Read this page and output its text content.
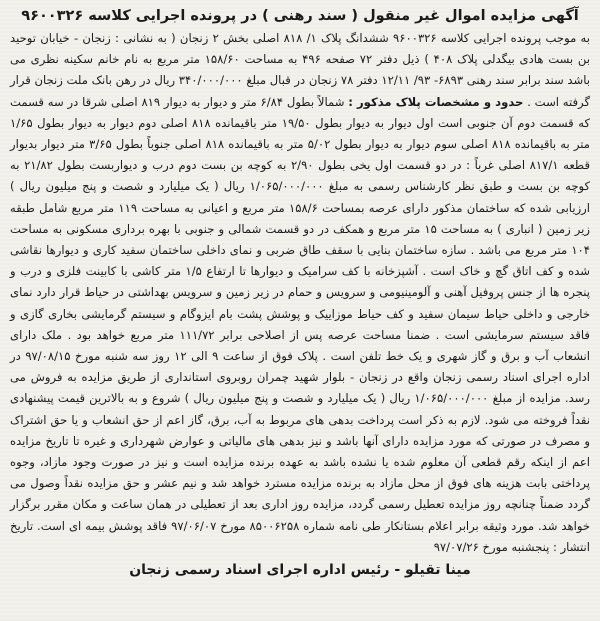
آگهی مزایده اموال غیر منقول ( سند رهنی ) در پرونده اجرایی کلاسه ۹۶۰۰۳۲۶

به موجب پرونده اجرایی کلاسه ۹۶۰۰۳۲۶ ششدانگ پلاک ۱/ ۸۱۸ اصلی بخش ۲ زنجان ( به نشانی : زنجان - خیابان توحید بن بست هادی بیگدلی پلاک ۴۰۸ ) ذیل دفتر ۷۲ صفحه ۴۹۶ به مساحت ۱۵۸/۶۰ متر مربع به نام خانم سکینه نظری می باشد سند برابر سند رهنی ۶۸۹۳- ۹۳/ ۱۲/۱۱ دفتر ۷۸ زنجان در قبال مبلغ ۳۴۰/۰۰۰/۰۰۰ ریال در رهن بانک ملت زنجان قرار گرفته است . حدود و مشخصات پلاک مذکور : شمالاً بطول ۶/۸۴ متر و دیوار به دیوار ۸۱۹ اصلی شرقا در سه قسمت که قسمت دوم آن جنوبی است اول دیوار به دیوار بطول ۱۹/۵۰ متر باقیمانده ۸۱۸ اصلی دوم دیوار به دیوار بطول ۱/۶۵ متر به باقیمانده ۸۱۸ اصلی سوم دیوار به دیوار بطول ۵/۰۲ متر به باقیمانده ۸۱۸ اصلی جنوباً بطول ۳/۶۵ متر دیوار بدیوار قطعه ۸۱۷/۱ اصلی غرباً : در دو قسمت اول یخی بطول ۲/۹۰ به کوچه بن بست دوم درب و دیواربست بطول ۲۱/۸۲ به کوچه بن بست و طبق نظر کارشناس رسمی به مبلغ ۱/۰۶۵/۰۰۰/۰۰۰ ریال ( یک میلیارد و شصت و پنج میلیون ریال ) ارزیابی شده که ساختمان مذکور دارای عرصه بمساحت ۱۵۸/۶ متر مربع و اعیانی به مساحت ۱۱۹ متر مربع شامل طبقه زیر زمین ( انباری ) به مساحت ۱۵ متر مربع و همکف در دو قسمت شمالی و جنوبی با بهره برداری مسکونی به مساحت ۱۰۴ متر مربع می باشد . سازه ساختمان بنایی با سقف طاق ضربی و نمای داخلی ساختمان سفید کاری و دیوارها نقاشی شده و کف اتاق گچ و خاک است . آشپزخانه با کف سرامیک و دیوارها تا ارتفاع ۱/۵ متر کاشی با کابینت فلزی و درب و پنجره ها از جنس پروفیل آهنی و آلومینیومی و سرویس و حمام در زیر زمین و سرویس بهداشتی در حیاط قرار دارد نمای خارجی و داخلی حیاط سیمان سفید و کف حیاط موزاییک و پوشش پشت بام ایزوگام و سیستم گرمایشی بخاری گازی و فاقد سیستم سرمایشی است . ضمنا مساحت عرصه پس از اصلاحی برابر ۱۱۱/۷۲ متر مربع خواهد بود . ملک دارای انشعاب آب و برق و گاز شهری و یک خط تلفن است . پلاک فوق از ساعت ۹ الی ۱۲ روز سه شنبه مورخ ۹۷/۰۸/۱۵ در اداره اجرای اسناد رسمی زنجان واقع در زنجان - بلوار شهید چمران روبروی استانداری از طریق مزایده به فروش می رسد. مزایده از مبلغ ۱/۰۶۵/۰۰۰/۰۰۰ ریال ( یک میلیارد و شصت و پنج میلیون ریال ) شروع و به بالاترین قیمت پیشنهادی نقداً فروخته می شود. لازم به ذکر است پرداخت بدهی های مربوط به آب، برق، گاز اعم از حق انشعاب و یا حق اشتراک و مصرف در صورتی که مورد مزایده دارای آنها باشد و نیز بدهی های مالیاتی و عوارض شهرداری و غیره تا تاریخ مزایده اعم از اینکه رقم قطعی آن معلوم شده یا نشده باشد به عهده برنده مزایده است و نیز در صورت وجود مازاد، وجوه پرداختی بابت هزینه های فوق از محل مازاد به برنده مزایده مسترد خواهد شد و نیم عشر و حق مزایده نقداً وصول می گردد ضمناً چنانچه روز مزایده تعطیل رسمی گردد، مزایده روز اداری بعد از تعطیلی در همان ساعت و مکان مقرر برگزار خواهد شد. مورد وثیقه برابر اعلام بستانکار طی نامه شماره ۸۵۰۰۶۲۵۸ مورخ ۹۷/۰۶/۰۷ فاقد پوشش بیمه ای است. تاریخ انتشار : پنجشنبه مورخ ۹۷/۰۷/۲۶

مینا تقیلو - رئیس اداره اجرای اسناد رسمی زنجان
